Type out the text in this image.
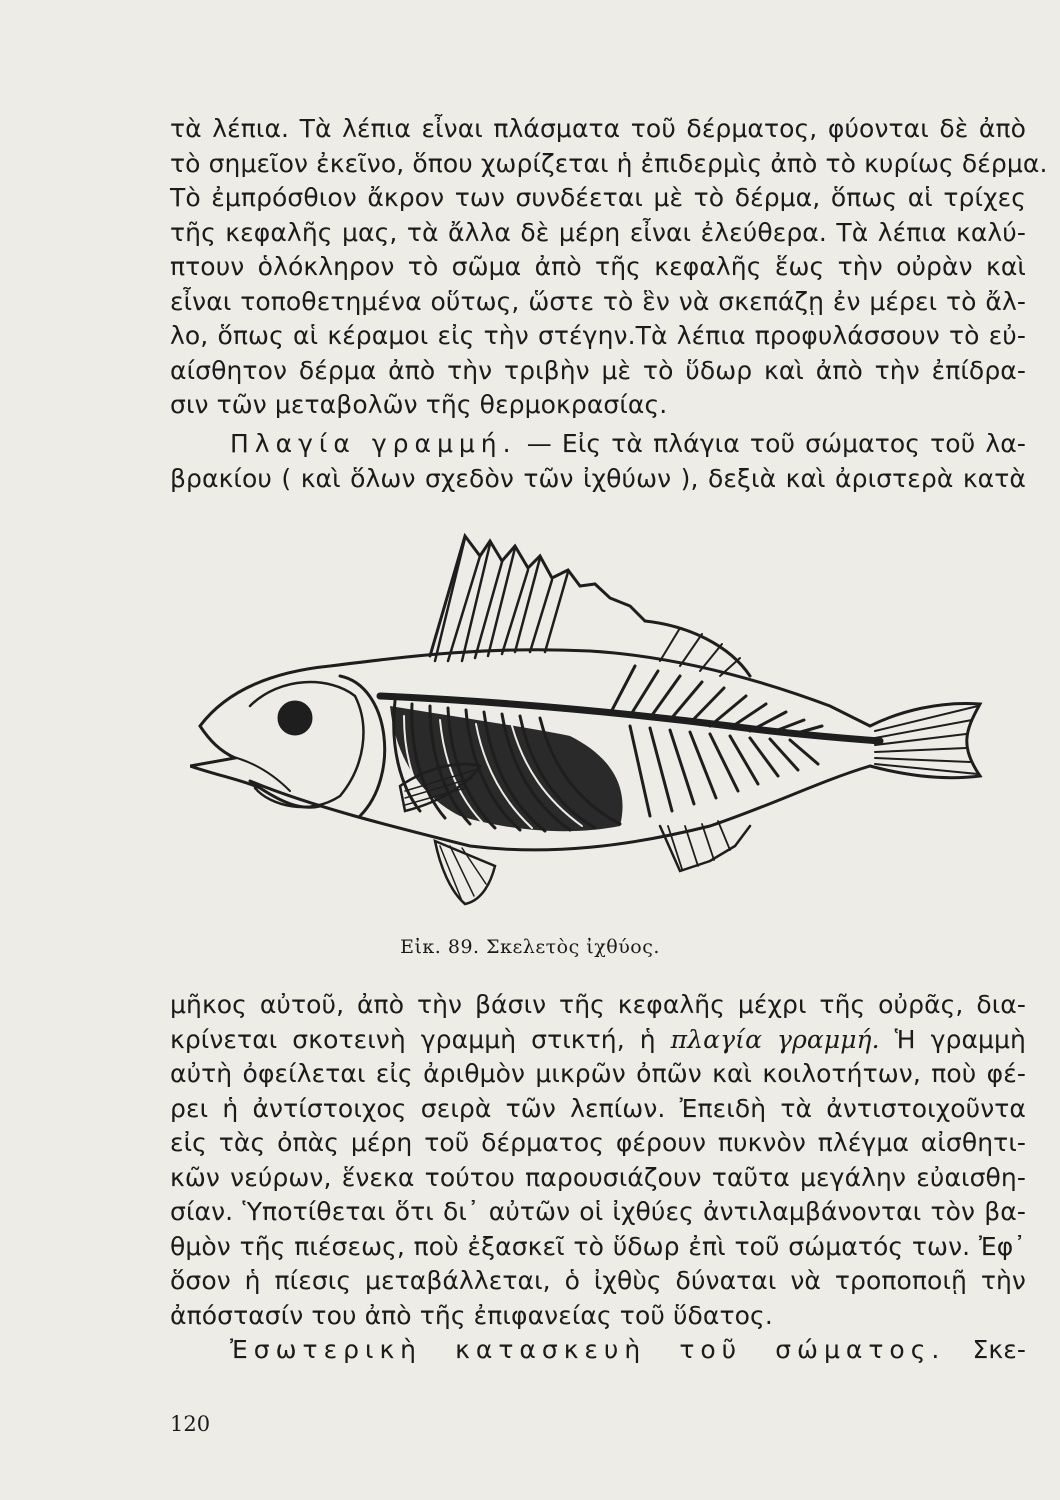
τὰ λέπια. Τὰ λέπια εἶναι πλάσματα τοῦ δέρματος, φύονται δὲ ἀπὸ
τὸ σημεῖον ἐκεῖνο, ὅπου χωρίζεται ἡ ἐπιδερμὶς ἀπὸ τὸ κυρίως δέρμα.
Τὸ ἐμπρόσθιον ἄκρον των συνδέεται μὲ τὸ δέρμα, ὅπως αἱ τρίχες
τῆς κεφαλῆς μας, τὰ ἄλλα δὲ μέρη εἶναι ἐλεύθερα. Τὰ λέπια καλύ-
πτουν ὁλόκληρον τὸ σῶμα ἀπὸ τῆς κεφαλῆς ἕως τὴν οὐρὰν καὶ
εἶναι τοποθετημένα οὕτως, ὥστε τὸ ἓν νὰ σκεπάζῃ ἐν μέρει τὸ ἄλ-
λο, ὅπως αἱ κέραμοι εἰς τὴν στέγην.Τὰ λέπια προφυλάσσουν τὸ εὐ-
αίσθητον δέρμα ἀπὸ τὴν τριβὴν μὲ τὸ ὕδωρ καὶ ἀπὸ τὴν ἐπίδρα-
σιν τῶν μεταβολῶν τῆς θερμοκρασίας.
Πλαγία γραμμή. — Εἰς τὰ πλάγια τοῦ σώματος τοῦ λα-
βρακίου ( καὶ ὅλων σχεδὸν τῶν ἰχθύων ), δεξιὰ καὶ ἀριστερὰ κατὰ
Εἰκ. 89. Σκελετὸς ἰχθύος.
μῆκος αὐτοῦ, ἀπὸ τὴν βάσιν τῆς κεφαλῆς μέχρι τῆς οὐρᾶς, δια-
κρίνεται σκοτεινὴ γραμμὴ στικτή, ἡ πλαγία γραμμή. Ἡ γραμμὴ
αὐτὴ ὀφείλεται εἰς ἀριθμὸν μικρῶν ὀπῶν καὶ κοιλοτήτων, ποὺ φέ-
ρει ἡ ἀντίστοιχος σειρὰ τῶν λεπίων. Ἐπειδὴ τὰ ἀντιστοιχοῦντα
εἰς τὰς ὀπὰς μέρη τοῦ δέρματος φέρουν πυκνὸν πλέγμα αἰσθητι-
κῶν νεύρων, ἕνεκα τούτου παρουσιάζουν ταῦτα μεγάλην εὐαισθη-
σίαν. Ὑποτίθεται ὅτι δι᾽ αὐτῶν οἱ ἰχθύες ἀντιλαμβάνονται τὸν βα-
θμὸν τῆς πιέσεως, ποὺ ἐξασκεῖ τὸ ὕδωρ ἐπὶ τοῦ σώματός των. Ἐφ᾽
ὅσον ἡ πίεσις μεταβάλλεται, ὁ ἰχθὺς δύναται νὰ τροποποιῇ τὴν
ἀπόστασίν του ἀπὸ τῆς ἐπιφανείας τοῦ ὕδατος.
Ἐσωτερικὴ κατασκευὴ τοῦ σώματος. Σκε-
120
